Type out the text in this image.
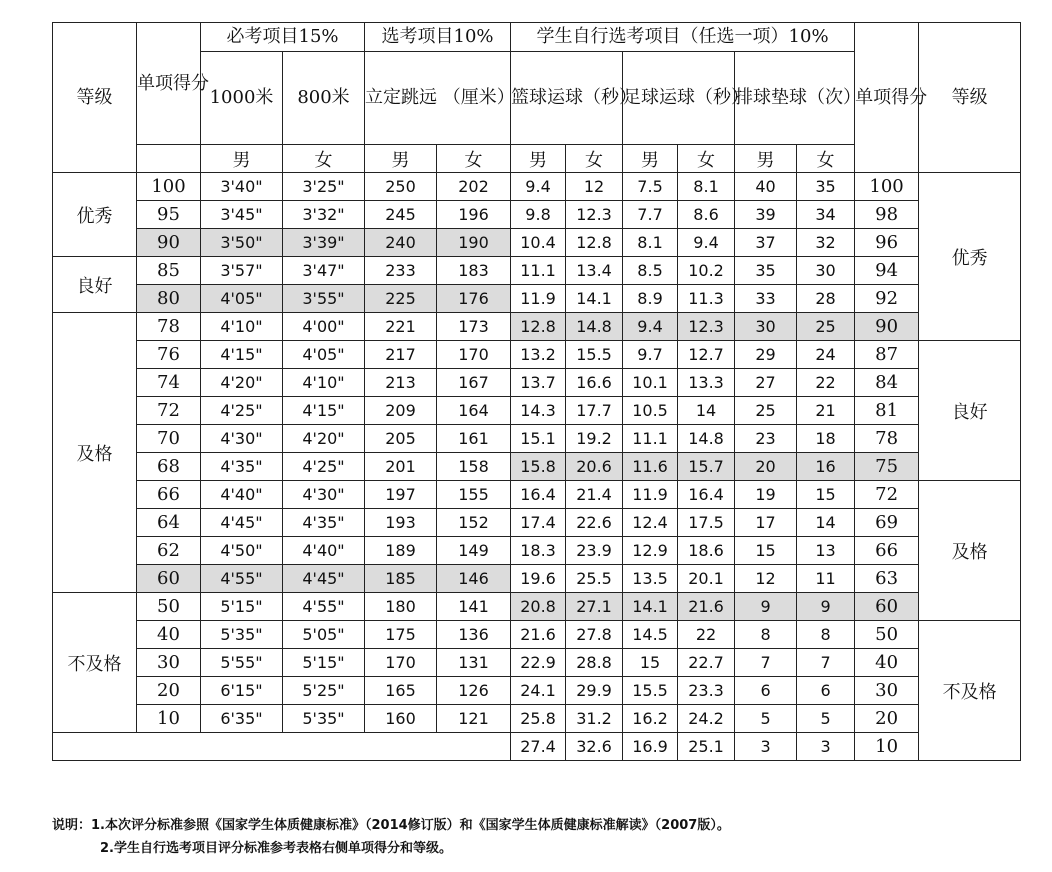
等级	单项得分	必考项目15%		选考项目10%		学生自行选考项目（任选一项）10%						单项得分	等级
		1000米	800米	立定跳远 （厘米）		篮球运球（秒）		足球运球（秒）		排球垫球（次）			
		男	女	男	女	男	女	男	女	男	女		
优秀	100	3'40"	3'25"	250	202	9.4	12	7.5	8.1	40	35	100	优秀
	95	3'45"	3'32"	245	196	9.8	12.3	7.7	8.6	39	34	98	
	90	3'50"	3'39"	240	190	10.4	12.8	8.1	9.4	37	32	96	
良好	85	3'57"	3'47"	233	183	11.1	13.4	8.5	10.2	35	30	94	
	80	4'05"	3'55"	225	176	11.9	14.1	8.9	11.3	33	28	92	
及格	78	4'10"	4'00"	221	173	12.8	14.8	9.4	12.3	30	25	90	
	76	4'15"	4'05"	217	170	13.2	15.5	9.7	12.7	29	24	87	良好
	74	4'20"	4'10"	213	167	13.7	16.6	10.1	13.3	27	22	84	
	72	4'25"	4'15"	209	164	14.3	17.7	10.5	14	25	21	81	
	70	4'30"	4'20"	205	161	15.1	19.2	11.1	14.8	23	18	78	
	68	4'35"	4'25"	201	158	15.8	20.6	11.6	15.7	20	16	75	
	66	4'40"	4'30"	197	155	16.4	21.4	11.9	16.4	19	15	72	及格
	64	4'45"	4'35"	193	152	17.4	22.6	12.4	17.5	17	14	69	
	62	4'50"	4'40"	189	149	18.3	23.9	12.9	18.6	15	13	66	
	60	4'55"	4'45"	185	146	19.6	25.5	13.5	20.1	12	11	63	
不及格	50	5'15"	4'55"	180	141	20.8	27.1	14.1	21.6	9	9	60	
	40	5'35"	5'05"	175	136	21.6	27.8	14.5	22	8	8	50	不及格
	30	5'55"	5'15"	170	131	22.9	28.8	15	22.7	7	7	40	
	20	6'15"	5'25"	165	126	24.1	29.9	15.5	23.3	6	6	30	
	10	6'35"	5'35"	160	121	25.8	31.2	16.2	24.2	5	5	20	
						27.4	32.6	16.9	25.1	3	3	10	
说明：1.本次评分标准参照《国家学生体质健康标准》（2014修订版）和《国家学生体质健康标准解读》（2007版）。
2.学生自行选考项目评分标准参考表格右侧单项得分和等级。
